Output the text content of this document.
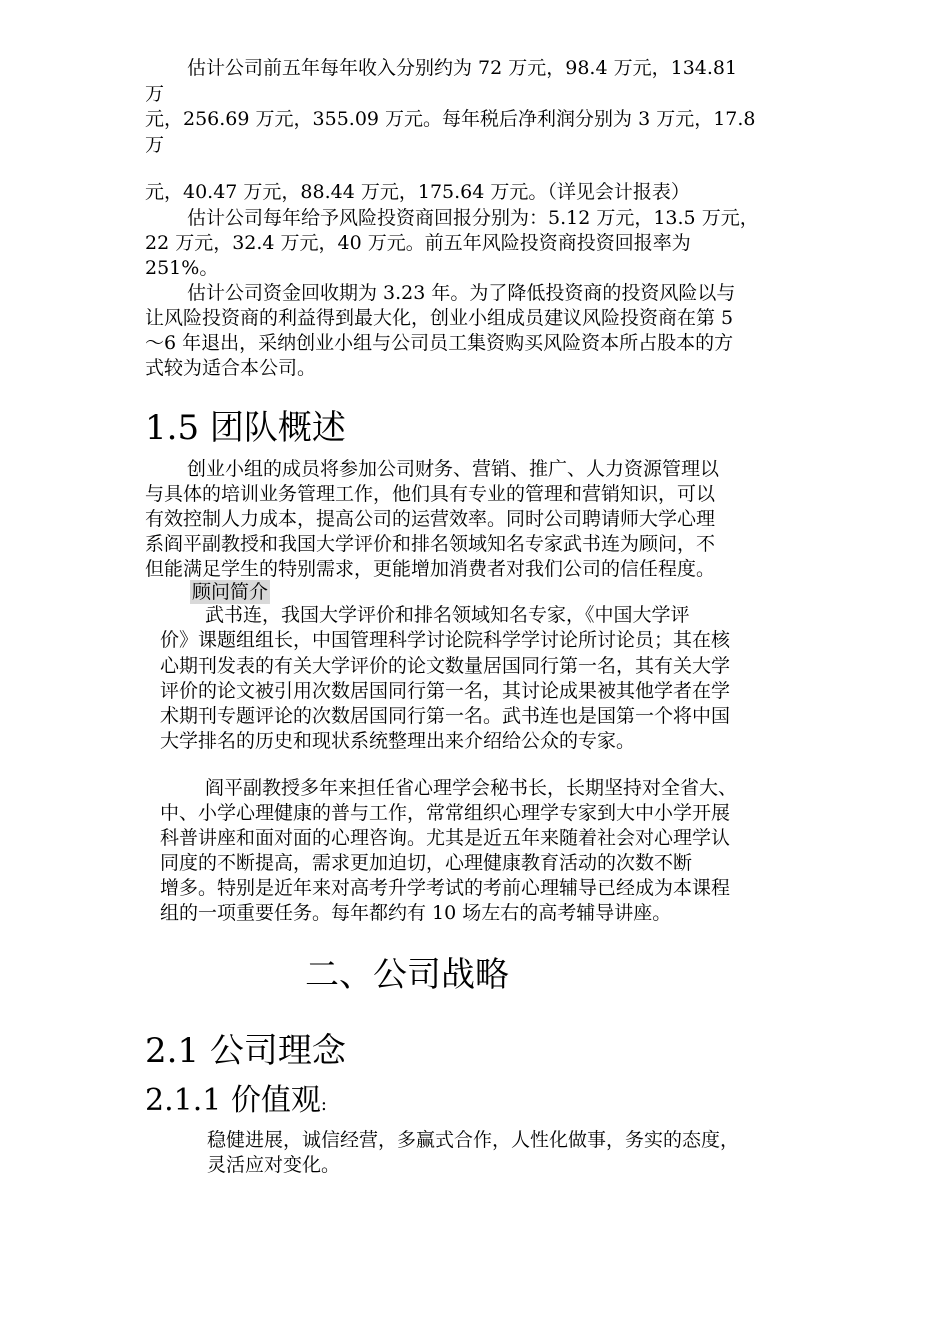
估计公司前五年每年收入分别约为 72 万元，98.4 万元，134.81
万
元，256.69 万元，355.09 万元。每年税后净利润分别为 3 万元，17.8
万
元，40.47 万元，88.44 万元，175.64 万元。（详见会计报表）
估计公司每年给予风险投资商回报分别为：5.12 万元，13.5 万元，
22 万元，32.4 万元，40 万元。前五年风险投资商投资回报率为
251%。
估计公司资金回收期为 3.23 年。为了降低投资商的投资风险以与
让风险投资商的利益得到最大化，创业小组成员建议风险投资商在第 5
～6 年退出，采纳创业小组与公司员工集资购买风险资本所占股本的方
式较为适合本公司。
1.5 团队概述
创业小组的成员将参加公司财务、营销、推广、人力资源管理以
与具体的培训业务管理工作，他们具有专业的管理和营销知识，可以
有效控制人力成本，提高公司的运营效率。同时公司聘请师大学心理
系阎平副教授和我国大学评价和排名领域知名专家武书连为顾问，不
但能满足学生的特别需求，更能增加消费者对我们公司的信任程度。
顾问简介
武书连，我国大学评价和排名领域知名专家，《中国大学评
价》课题组组长，中国管理科学讨论院科学学讨论所讨论员；其在核
心期刊发表的有关大学评价的论文数量居国同行第一名，其有关大学
评价的论文被引用次数居国同行第一名，其讨论成果被其他学者在学
术期刊专题评论的次数居国同行第一名。武书连也是国第一个将中国
大学排名的历史和现状系统整理出来介绍给公众的专家。
阎平副教授多年来担任省心理学会秘书长，长期坚持对全省大、
中、小学心理健康的普与工作，常常组织心理学专家到大中小学开展
科普讲座和面对面的心理咨询。尤其是近五年来随着社会对心理学认
同度的不断提高，需求更加迫切，心理健康教育活动的次数不断
增多。特别是近年来对高考升学考试的考前心理辅导已经成为本课程
组的一项重要任务。每年都约有 10 场左右的高考辅导讲座。
二、公司战略
2.1 公司理念
2.1.1 价值观:
稳健进展，诚信经营，多赢式合作，人性化做事，务实的态度，
灵活应对变化。
